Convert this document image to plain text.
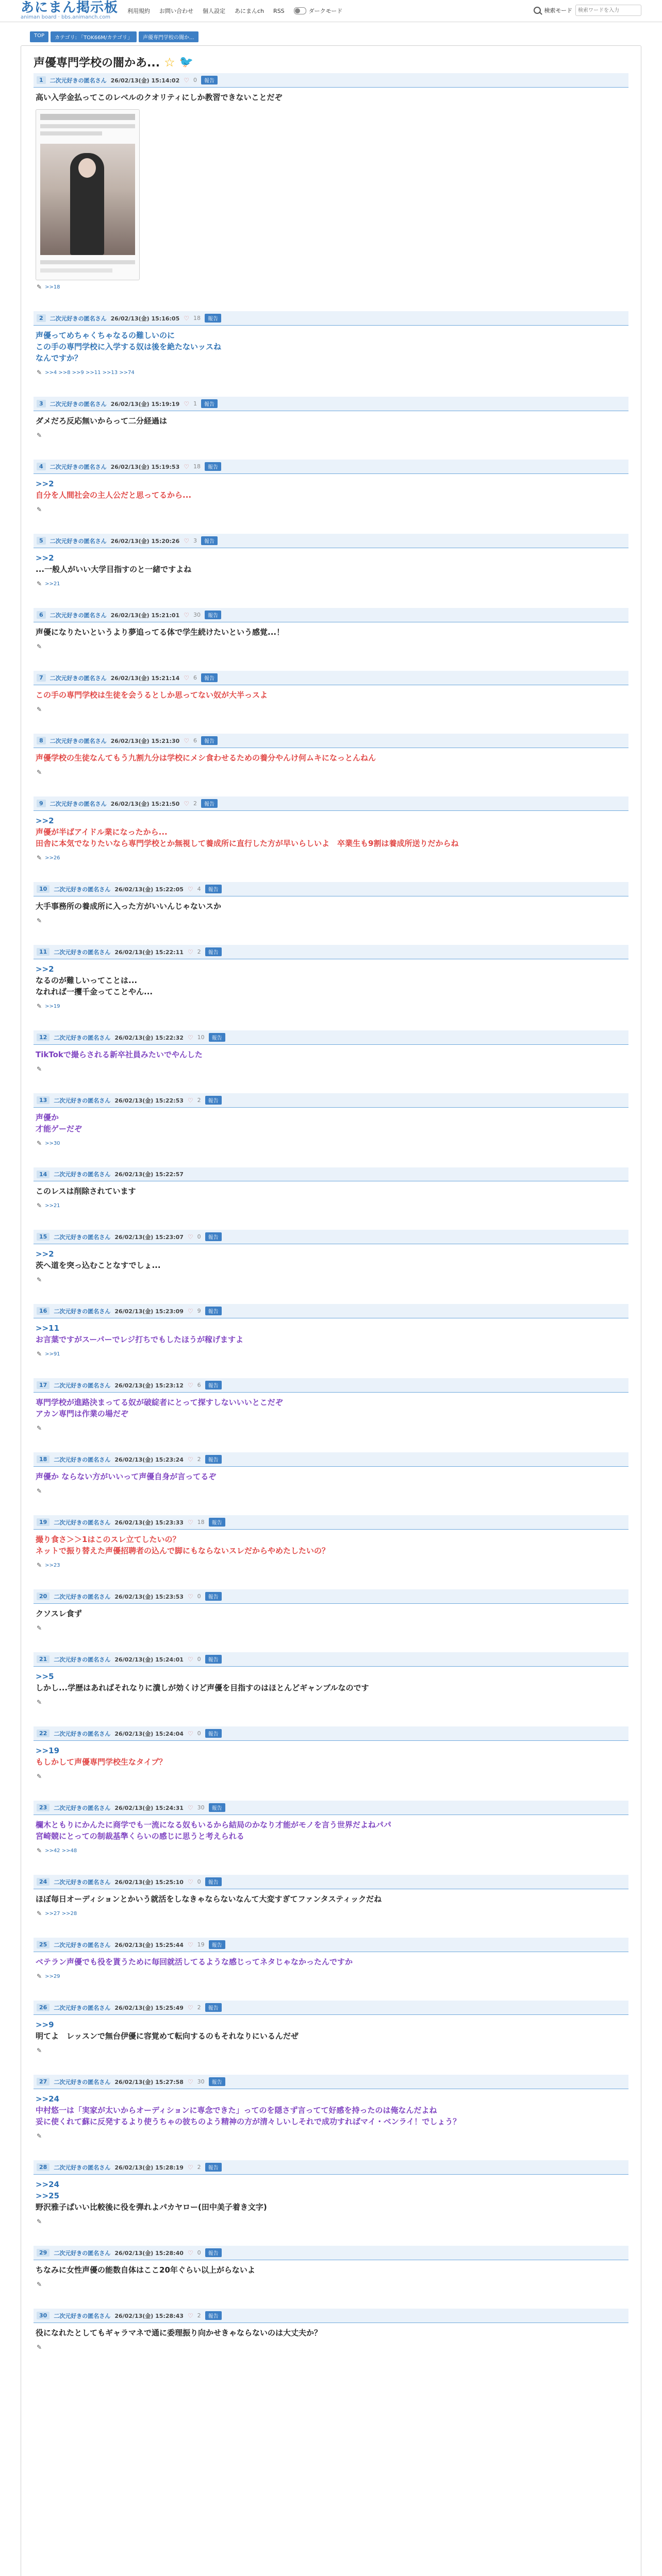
あにまん掲示板
animan board · bbs.animanch.com
利用規約 お問い合わせ 個人設定 あにまんch RSS	ダークモード	検索モード
検索ワードを入力
TOP	カテゴリ: 「TOK66M/カテゴリ」	声優専門学校の闇か...
声優専門学校の闇かあ... ☆ 🐦
1	二次元好きの匿名さん 26/02/13(金) 15:14:02 ♡ 0	報告
高い入学金払ってこのレベルのクオリティにしか教習できないことだぞ
✎ >>18
2	二次元好きの匿名さん 26/02/13(金) 15:16:05 ♡ 18	報告
声優ってめちゃくちゃなるの難しいのに
この手の専門学校に入学する奴は後を絶たないッスね
なんですか？
✎ >>4 >>8 >>9 >>11 >>13 >>74
3	二次元好きの匿名さん 26/02/13(金) 15:19:19 ♡ 1	報告
ダメだろ反応無いからって二分経過は
✎
4	二次元好きの匿名さん 26/02/13(金) 15:19:53 ♡ 18	報告
>>2
自分を人間社会の主人公だと思ってるから...
✎
5	二次元好きの匿名さん 26/02/13(金) 15:20:26 ♡ 3	報告
>>2
...一般人がいい大学目指すのと一緒ですよね
✎ >>21
6	二次元好きの匿名さん 26/02/13(金) 15:21:01 ♡ 30	報告
声優になりたいというより夢追ってる体で学生続けたいという感覚...！
✎
7	二次元好きの匿名さん 26/02/13(金) 15:21:14 ♡ 6	報告
この手の専門学校は生徒を会うるとしか思ってない奴が大半っスよ
✎
8	二次元好きの匿名さん 26/02/13(金) 15:21:30 ♡ 6	報告
声優学校の生徒なんてもう九割九分は学校にメシ食わせるための養分やんけ何ムキになっとんねん
✎
9	二次元好きの匿名さん 26/02/13(金) 15:21:50 ♡ 2	報告
>>2
声優が半ばアイドル業になったから...
田舎に本気でなりたいなら専門学校とか無視して養成所に直行した方が早いらしいよ　卒業生も9割は養成所送りだからね
✎ >>26
10	二次元好きの匿名さん 26/02/13(金) 15:22:05 ♡ 4	報告
大手事務所の養成所に入った方がいいんじゃないスか
✎
11	二次元好きの匿名さん 26/02/13(金) 15:22:11 ♡ 2	報告
>>2
なるのが難しいってことは...
なれれば一攫千金ってことやん...
✎ >>19
12	二次元好きの匿名さん 26/02/13(金) 15:22:32 ♡ 10	報告
TikTokで撮らされる新卒社員みたいでやんした
✎
13	二次元好きの匿名さん 26/02/13(金) 15:22:53 ♡ 2	報告
声優か
才能ゲーだぞ
✎ >>30
14	二次元好きの匿名さん 26/02/13(金) 15:22:57
このレスは削除されています
✎ >>21
15	二次元好きの匿名さん 26/02/13(金) 15:23:07 ♡ 0	報告
>>2
茨へ道を突っ込むことなすでしょ...
✎
16	二次元好きの匿名さん 26/02/13(金) 15:23:09 ♡ 9	報告
>>11
お言葉ですがスーパーでレジ打ちでもしたほうが稼げますよ
✎ >>91
17	二次元好きの匿名さん 26/02/13(金) 15:23:12 ♡ 6	報告
専門学校が進路決まってる奴が破綻者にとって探すしないいいとこだぞ
アカン専門は作業の場だぞ
✎
18	二次元好きの匿名さん 26/02/13(金) 15:23:24 ♡ 2	報告
声優か ならない方がいいって声優自身が言ってるぞ
✎
19	二次元好きの匿名さん 26/02/13(金) 15:23:33 ♡ 18	報告
撮り食さ＞＞1はこのスレ立てしたいの？
ネットで振り替えた声優招聘者の込んで脚にもならないスレだからやめたしたいの？
✎ >>23
20	二次元好きの匿名さん 26/02/13(金) 15:23:53 ♡ 0	報告
クソスレ食ず
✎
21	二次元好きの匿名さん 26/02/13(金) 15:24:01 ♡ 0	報告
>>5
しかし...学歴はあればそれなりに潰しが効くけど声優を目指すのはほとんどギャンブルなのです
✎
22	二次元好きの匿名さん 26/02/13(金) 15:24:04 ♡ 0	報告
>>19
もしかして声優専門学校生なタイプ？
✎
23	二次元好きの匿名さん 26/02/13(金) 15:24:31 ♡ 30	報告
欄木ともりにかんたに商学でも一流になる奴もいるから結局のかなり才能がモノを言う世界だよねパパ
宮崎競にとっての制裁基準くらいの感じに思うと考えられる
✎ >>42 >>48
24	二次元好きの匿名さん 26/02/13(金) 15:25:10 ♡ 0	報告
ほぼ毎日オーディションとかいう就活をしなきゃならないなんて大変すぎてファンタスティックだね
✎ >>27 >>28
25	二次元好きの匿名さん 26/02/13(金) 15:25:44 ♡ 19	報告
ベテラン声優でも役を貰うために毎回就活してるような感じってネタじゃなかったんですか
✎ >>29
26	二次元好きの匿名さん 26/02/13(金) 15:25:49 ♡ 2	報告
>>9
明てよ　レッスンで無台伊優に容覚めて転向するのもそれなりにいるんだぜ
✎
27	二次元好きの匿名さん 26/02/13(金) 15:27:58 ♡ 30	報告
>>24
中村悠一は「実家が太いからオーディションに専念できた」ってのを隠さず言ってて好感を持ったのは俺なんだよね
妥に使くれて蘇に反発するより使うちゃの彼ちのよう精神の方が清々しいしそれで成功すればマイ・ベンライ！でしょう？
✎
28	二次元好きの匿名さん 26/02/13(金) 15:28:19 ♡ 2	報告
>>24
>>25
野沢雅子ぱいい比較後に役を弾れよパカヤロー(田中美子着き文字)
✎
29	二次元好きの匿名さん 26/02/13(金) 15:28:40 ♡ 0	報告
ちなみに女性声優の能数自体はここ20年ぐらい以上がらないよ
✎
30	二次元好きの匿名さん 26/02/13(金) 15:28:43 ♡ 2	報告
役になれたとしてもギャラマネで通に委理振り向かせきゃならないのは大丈夫か？
✎
